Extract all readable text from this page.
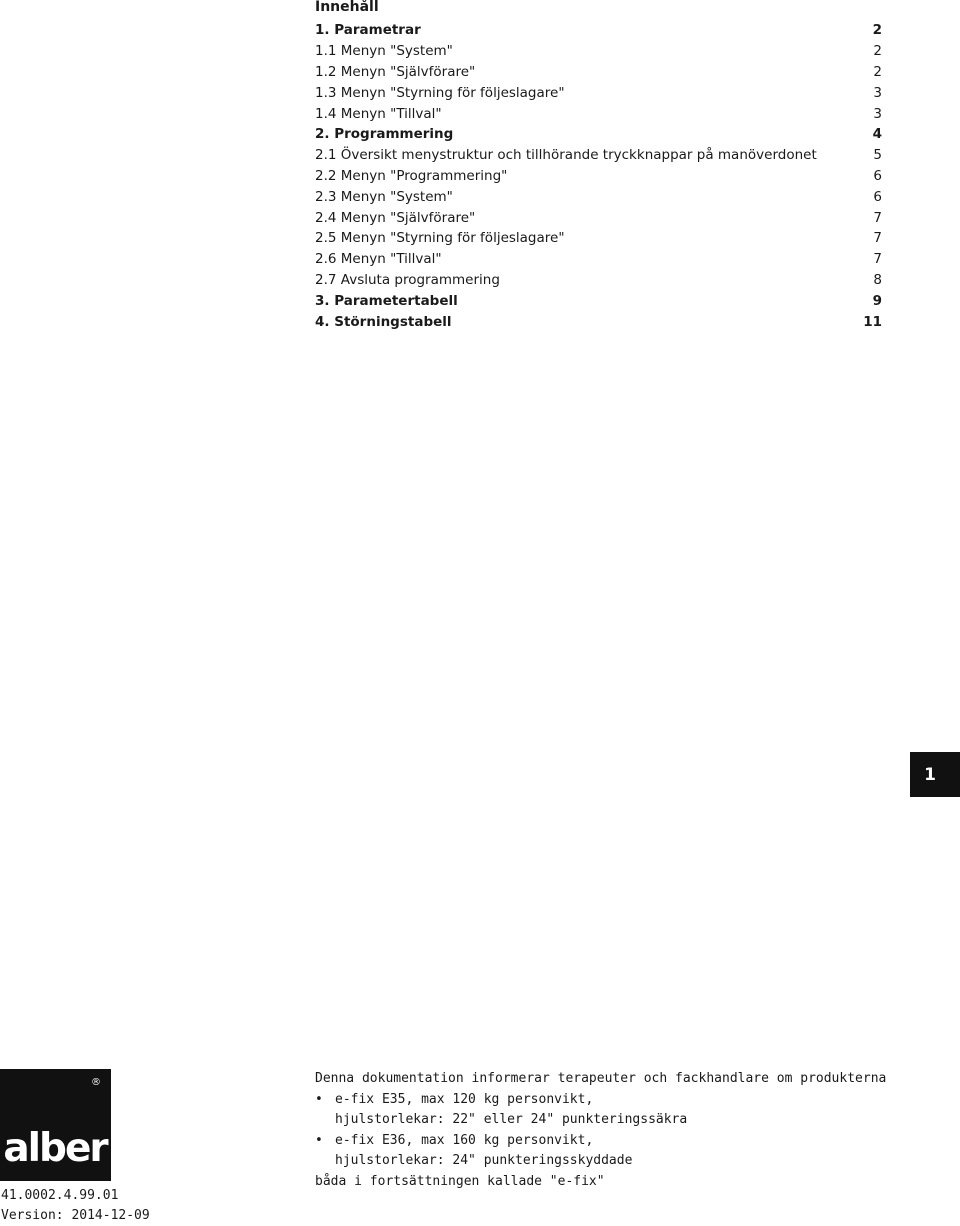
Innehåll
1. Parametrar	2
1.1 Menyn "System"	2
1.2 Menyn "Självförare"	2
1.3 Menyn "Styrning för följeslagare"	3
1.4 Menyn "Tillval"	3
2. Programmering	4
2.1 Översikt menystruktur och tillhörande tryckknappar på manöverdonet	5
2.2 Menyn "Programmering"	6
2.3 Menyn "System"	6
2.4 Menyn "Självförare"	7
2.5 Menyn "Styrning för följeslagare"	7
2.6 Menyn "Tillval"	7
2.7 Avsluta programmering	8
3. Parametertabell	9
4. Störningstabell	11
1
®
alber
41.0002.4.99.01
Version: 2014-12-09

Denna dokumentation informerar terapeuter och fackhandlare om produkterna

• e-fix E35, max 120 kg personvikt,
hjulstorlekar: 22" eller 24" punkteringssäkra
• e-fix E36, max 160 kg personvikt,
hjulstorlekar: 24" punkteringsskyddade

båda i fortsättningen kallade "e-fix"
